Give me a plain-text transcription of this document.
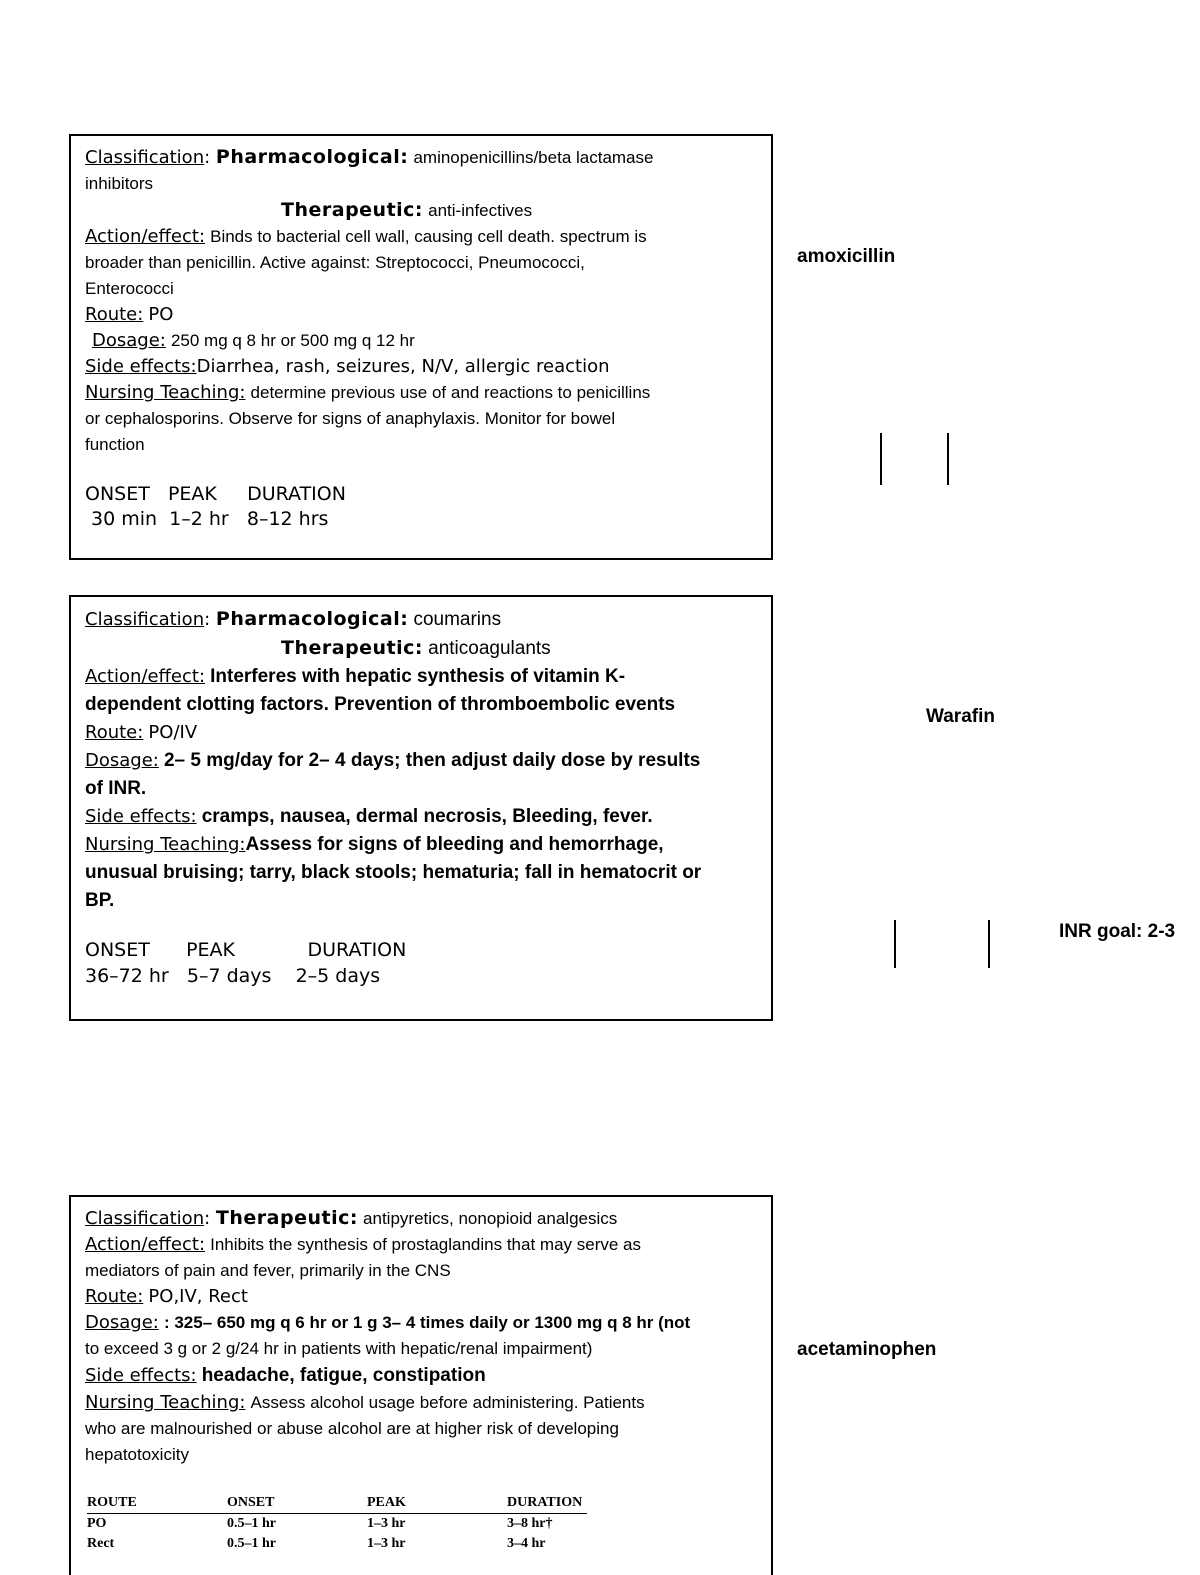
Classification: Pharmacological: aminopenicillins/beta lactamase
inhibitors
Therapeutic: anti-infectives
Action/effect: Binds to bacterial cell wall, causing cell death. spectrum is
broader than penicillin. Active against: Streptococci, Pneumococci,
Enterococci
Route: PO
Dosage: 250 mg q 8 hr or 500 mg q 12 hr
Side effects:Diarrhea, rash, seizures, N/V, allergic reaction
Nursing Teaching: determine previous use of and reactions to penicillins
or cephalosporins. Observe for signs of anaphylaxis. Monitor for bowel
function
ONSET   PEAK     DURATION
30 min  1–2 hr   8–12 hrs
amoxicillin
Classification: Pharmacological: coumarins
Therapeutic: anticoagulants
Action/effect: Interferes with hepatic synthesis of vitamin K-
dependent clotting factors. Prevention of thromboembolic events
Route: PO/IV
Dosage: 2– 5 mg/day for 2– 4 days; then adjust daily dose by results
of INR.
Side effects: cramps, nausea, dermal necrosis, Bleeding, fever.
Nursing Teaching:Assess for signs of bleeding and hemorrhage,
unusual bruising; tarry, black stools; hematuria; fall in hematocrit or
BP.
ONSET      PEAK            DURATION
36–72 hr   5–7 days    2–5 days
Warafin
INR goal: 2-3
Classification: Therapeutic: antipyretics, nonopioid analgesics
Action/effect: Inhibits the synthesis of prostaglandins that may serve as
mediators of pain and fever, primarily in the CNS
Route: PO,IV, Rect
Dosage: : 325– 650 mg q 6 hr or 1 g 3– 4 times daily or 1300 mg q 8 hr (not
to exceed 3 g or 2 g/24 hr in patients with hepatic/renal impairment)
Side effects: headache, fatigue, constipation
Nursing Teaching: Assess alcohol usage before administering. Patients
who are malnourished or abuse alcohol are at higher risk of developing
hepatotoxicity
ROUTE	ONSET	PEAK	DURATION
PO	0.5–1 hr	1–3 hr	3–8 hr†
Rect	0.5–1 hr	1–3 hr	3–4 hr
acetaminophen
